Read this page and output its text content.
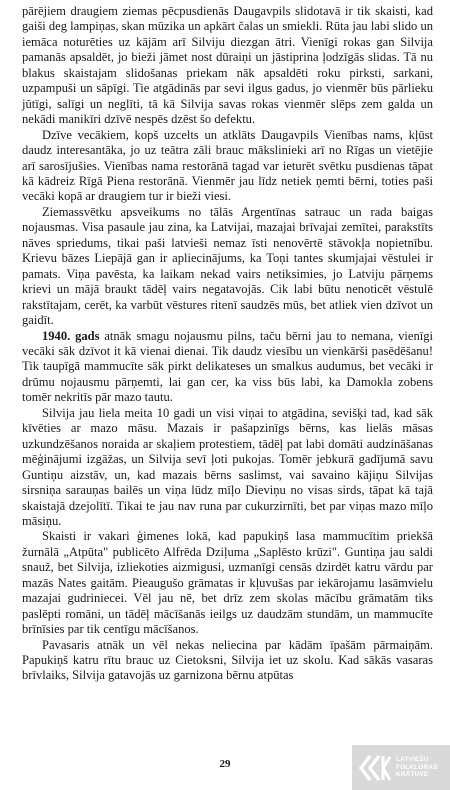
pārējiem draugiem ziemas pēcpusdienās Daugavpils slidotavā ir tik skaisti, kad gaiši deg lampiņas, skan mūzika un apkārt čalas un smiekli. Rūta jau labi slido un iemāca noturēties uz kājām arī Silviju diezgan ātri. Vienīgi rokas gan Silvija pamanās apsaldēt, jo bieži jāmet nost dūraiņi un jāstiprina ļodzīgās slidas. Tā nu blakus skaistajam slidošanas priekam nāk apsaldēti roku pirksti, sarkani, uzpampuši un sāpīgi. Tie atgādinās par sevi ilgus gadus, jo vienmēr būs pārlieku jūtīgi, salīgi un neglīti, tā kā Silvija savas rokas vienmēr slēps zem galda un nekādi manikīri dzīvē nespēs dzēst šo defektu.

Dzīve vecākiem, kopš uzcelts un atklāts Daugavpils Vienības nams, kļūst daudz interesantāka, jo uz teātra zāli brauc mākslinieki arī no Rīgas un vietējie arī sarosījušies. Vienības nama restorānā tagad var ieturēt svētku pusdienas tāpat kā kādreiz Rīgā Piena restorānā. Vienmēr jau līdz netiek ņemti bērni, toties paši vecāki kopā ar draugiem tur ir bieži viesi.

Ziemassvētku apsveikums no tālās Argentīnas satrauc un rada baigas nojausmas. Visa pasaule jau zina, ka Latvijai, mazajai brīvajai zemītei, parakstīts nāves spriedums, tikai paši latvieši nemaz īsti nenovērtē stāvokļa nopietnību. Krievu bāzes Liepājā gan ir apliecinājums, ka Toņi tantes skumjajai vēstulei ir pamats. Viņa pavēsta, ka laikam nekad vairs netiksimies, jo Latviju pārņems krievi un mājā braukt tādēļ vairs negatavojās. Cik labi būtu nenoticēt vēstulē rakstītajam, cerēt, ka varbūt vēstures ritenī saudzēs mūs, bet atliek vien dzīvot un gaidīt.

1940. gads atnāk smagu nojausmu pilns, taču bērni jau to nemana, vienīgi vecāki sāk dzīvot it kā vienai dienai. Tik daudz viesību un vienkārši pasēdēšanu! Tik taupīgā mammucīte sāk pirkt delikateses un smalkus audumus, bet vecāki ir drūmu nojausmu pārņemti, lai gan cer, ka viss būs labi, ka Damokla zobens tomēr nekritīs pār mazo tautu.

Silvija jau liela meita 10 gadi un visi viņai to atgādina, sevišķi tad, kad sāk kīvēties ar mazo māsu. Mazais ir pašapzinīgs bērns, kas lielās māsas uzkundzēšanos noraida ar skaļiem protestiem, tādēļ pat labi domāti audzināšanas mēģinājumi izgāžas, un Silvija sevī ļoti pukojas. Tomēr jebkurā gadījumā savu Guntiņu aizstāv, un, kad mazais bērns saslimst, vai savaino kājiņu Silvijas sirsniņa sarauņas bailēs un viņa lūdz mīļo Dieviņu no visas sirds, tāpat kā tajā skaistajā dzejolītī. Tikai te jau nav runa par cukurzirnīti, bet par viņas mazo mīļo māsiņu.

Skaisti ir vakari ģimenes lokā, kad papukiņš lasa mammucītim priekšā žurnālā „Atpūta" publicēto Alfrēda Dziļuma „Saplēsto krūzi". Guntiņa jau saldi snauž, bet Silvija, izliekoties aizmigusi, uzmanīgi censās dzirdēt katru vārdu par mazās Nates gaitām. Pieaugušo grāmatas ir kļuvušas par iekārojamu lasāmvielu mazajai gudriniecei. Vēl jau nē, bet drīz zem skolas mācību grāmatām tiks paslēpti romāni, un tādēļ mācīšanās ieilgs uz daudzām stundām, un mammucīte brīnīsies par tik centīgu mācīšanos.

Pavasaris atnāk un vēl nekas neliecina par kādām īpašām pārmaiņām. Papukiņš katru rītu brauc uz Cietoksni, Silvija iet uz skolu. Kad sākās vasaras brīvlaiks, Silvija gatavojās uz garnizona bērnu atpūtas

29	LATVIEŠU
FOLKLORAS
KRĀTUVE
